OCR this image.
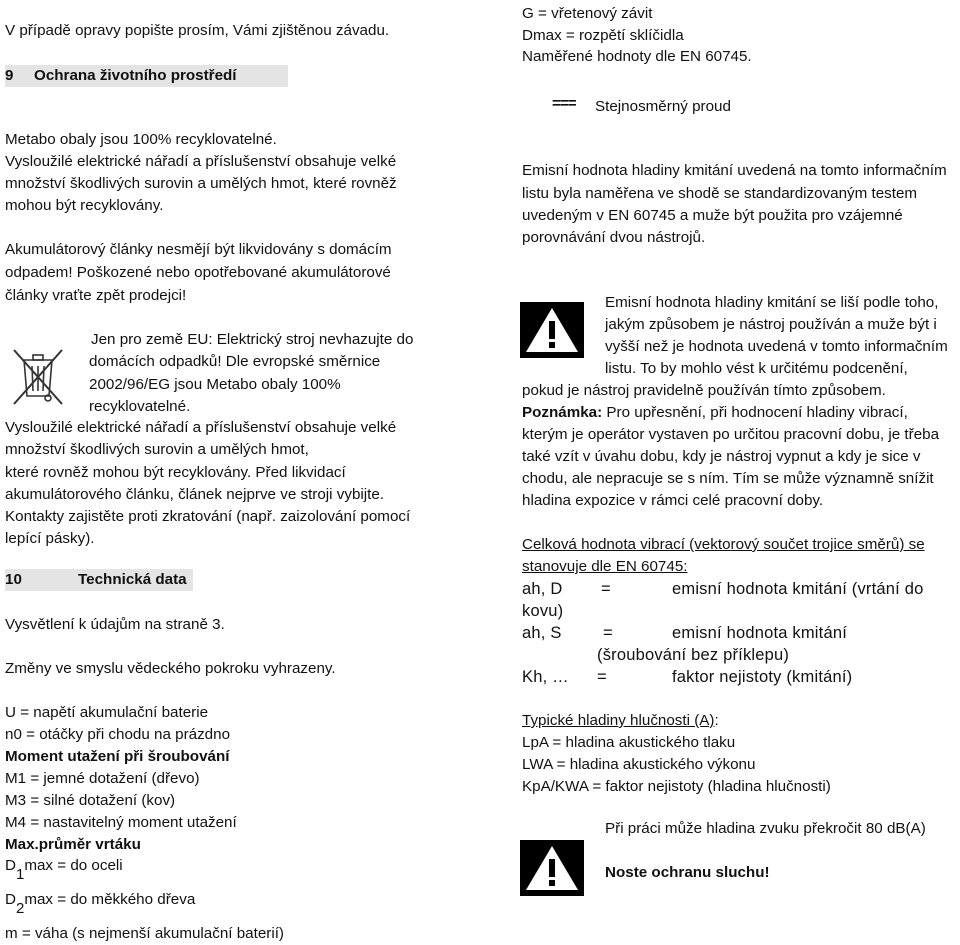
V případě opravy popište prosím, Vámi zjištěnou závadu.
9 Ochrana životního prostředí
Metabo obaly jsou 100% recyklovatelné.
Vysloužilé elektrické nářadí a příslušenství obsahuje velké
množství škodlivých surovin a umělých hmot, které rovněž
mohou být recyklovány.
Akumulátorový články nesmějí být likvidovány s domácím
odpadem! Poškozené nebo opotřebované akumulátorové
články vraťte zpět prodejci!
Jen pro země EU: Elektrický stroj nevhazujte do
domácích odpadků! Dle evropské směrnice
2002/96/EG jsou Metabo obaly 100%
recyklovatelné.
Vysloužilé elektrické nářadí a příslušenství obsahuje velké
množství škodlivých surovin a umělých hmot,
které rovněž mohou být recyklovány. Před likvidací
akumulátorového článku, článek nejprve ve stroji vybijte.
Kontakty zajistěte proti zkratování (např. zaizolování pomocí
lepící pásky).
10	Technická data
Vysvětlení k údajům na straně 3.
Změny ve smyslu vědeckého pokroku vyhrazeny.
U = napětí akumulační baterie
n0 = otáčky při chodu na prázdno
Moment utažení při šroubování
M1 = jemné dotažení (dřevo)
M3 = silné dotažení (kov)
M4 = nastavitelný moment utažení
Max.průměr vrtáku
D1max = do oceli
D2max = do měkkého dřeva
m = váha (s nejmenší akumulační baterií)
G = vřetenový závit
Dmax = rozpětí sklíčidla
Naměřené hodnoty dle EN 60745.
=== Stejnosměrný proud
Emisní hodnota hladiny kmitání uvedená na tomto informačním
listu byla naměřena ve shodě se standardizovaným testem
uvedeným v EN 60745 a muže být použita pro vzájemné
porovnávání dvou nástrojů.
Emisní hodnota hladiny kmitání se liší podle toho,
jakým způsobem je nástroj používán a muže být i
vyšší než je hodnota uvedená v tomto informačním
listu. To by mohlo vést k určitému podcenění,
pokud je nástroj pravidelně používán tímto způsobem.
Poznámka: Pro upřesnění, při hodnocení hladiny vibrací,
kterým je operátor vystaven po určitou pracovní dobu, je třeba
také vzít v úvahu dobu, kdy je nástroj vypnut a kdy je sice v
chodu, ale nepracuje se s ním. Tím se může významně snížit
hladina expozice v rámci celé pracovní doby.
Celková hodnota vibrací (vektorový součet trojice směrů) se
stanovuje dle EN 60745:
ah, D =	emisní hodnota kmitání (vrtání do
kovu)
ah, S	=	emisní hodnota kmitání
(šroubování bez příklepu)
Kh, … =	faktor nejistoty (kmitání)
Typické hladiny hlučnosti (A):
LpA = hladina akustického tlaku
LWA = hladina akustického výkonu
KpA/KWA = faktor nejistoty (hladina hlučnosti)
Při práci může hladina zvuku překročit 80 dB(A)
Noste ochranu sluchu!
